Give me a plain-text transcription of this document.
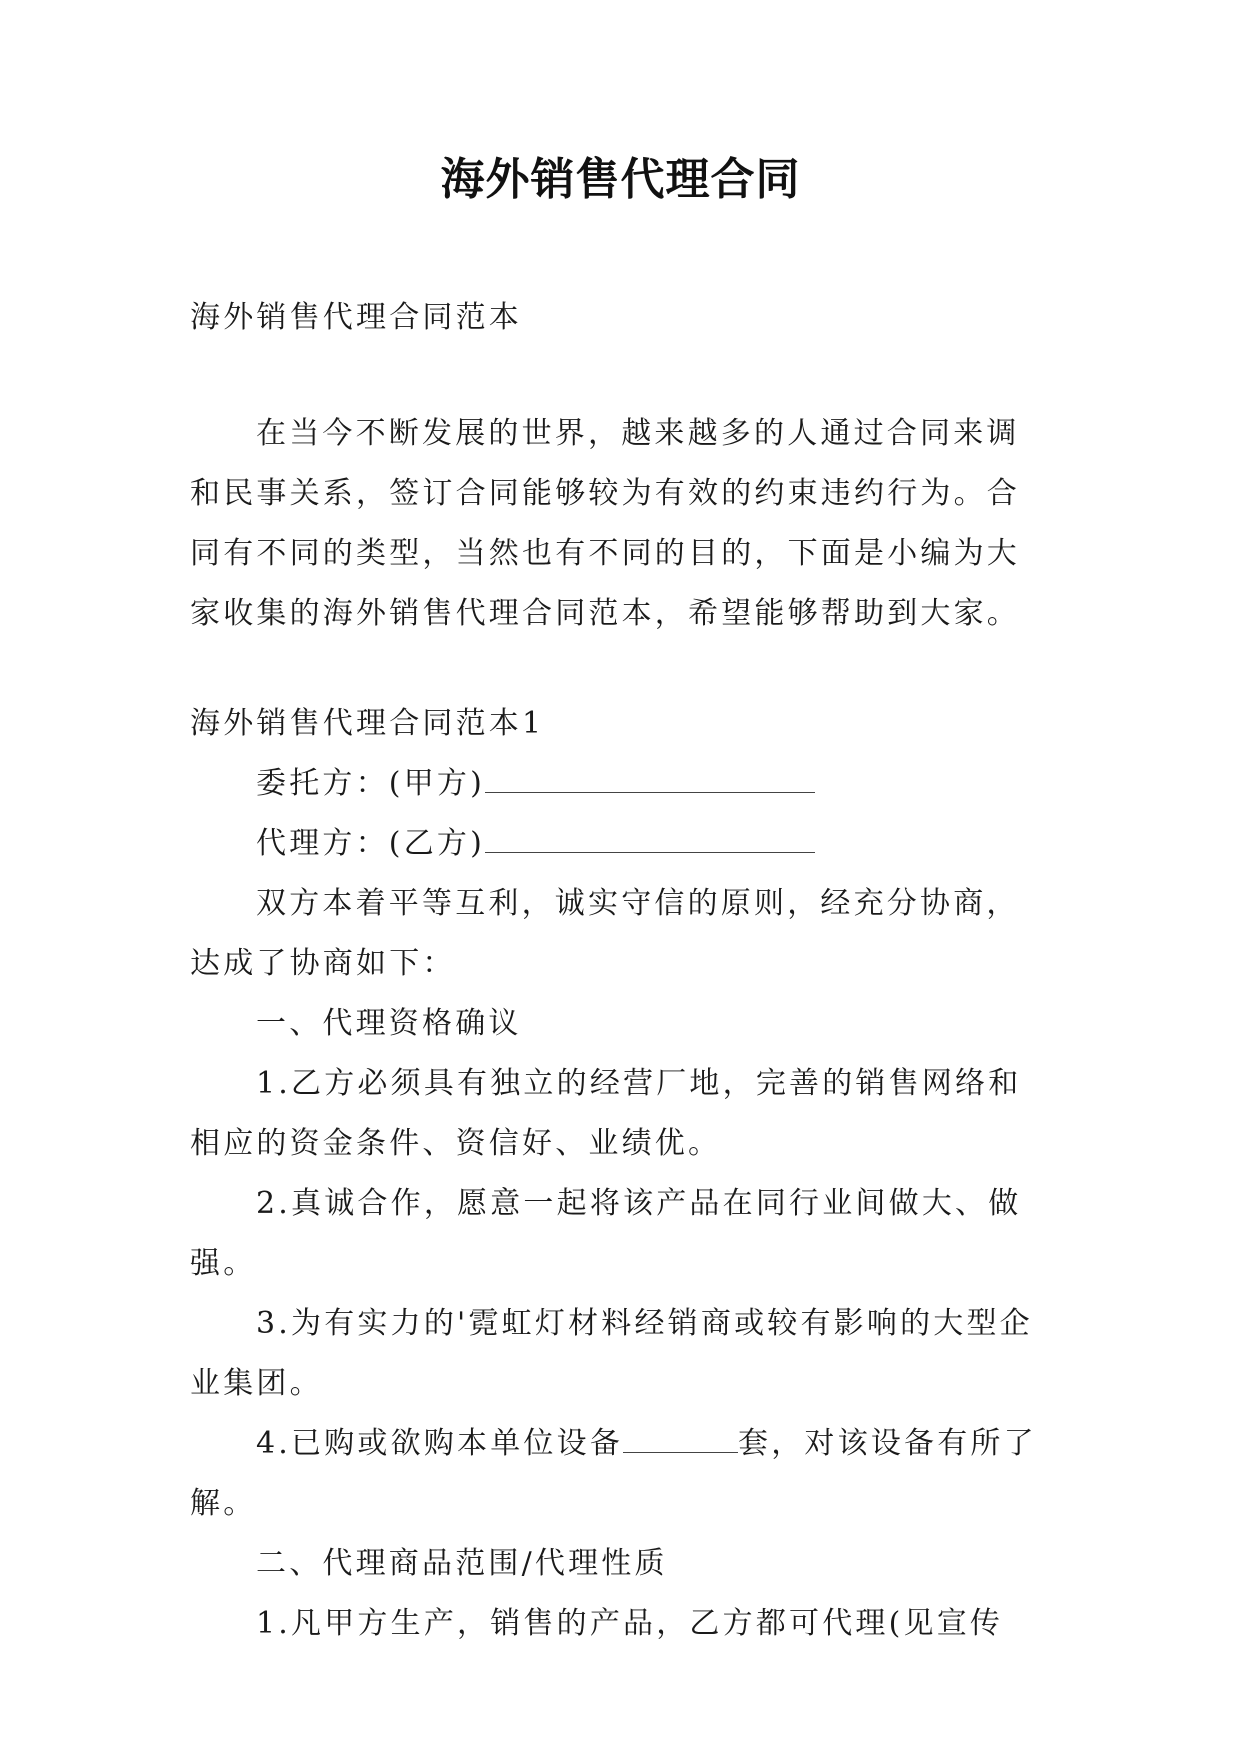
海外销售代理合同
海外销售代理合同范本
在当今不断发展的世界，越来越多的人通过合同来调和民事关系，签订合同能够较为有效的约束违约行为。合同有不同的类型，当然也有不同的目的，下面是小编为大家收集的海外销售代理合同范本，希望能够帮助到大家。

海外销售代理合同范本1

委托方：(甲方)

代理方：(乙方)

双方本着平等互利，诚实守信的原则，经充分协商，达成了协商如下：

一、代理资格确议

1.乙方必须具有独立的经营厂地，完善的销售网络和相应的资金条件、资信好、业绩优。

2.真诚合作，愿意一起将该产品在同行业间做大、做强。

3.为有实力的'霓虹灯材料经销商或较有影响的大型企业集团。

4.已购或欲购本单位设备	套，对该设备有所了解。

二、代理商品范围/代理性质

1.凡甲方生产，销售的产品，乙方都可代理(见宣传
